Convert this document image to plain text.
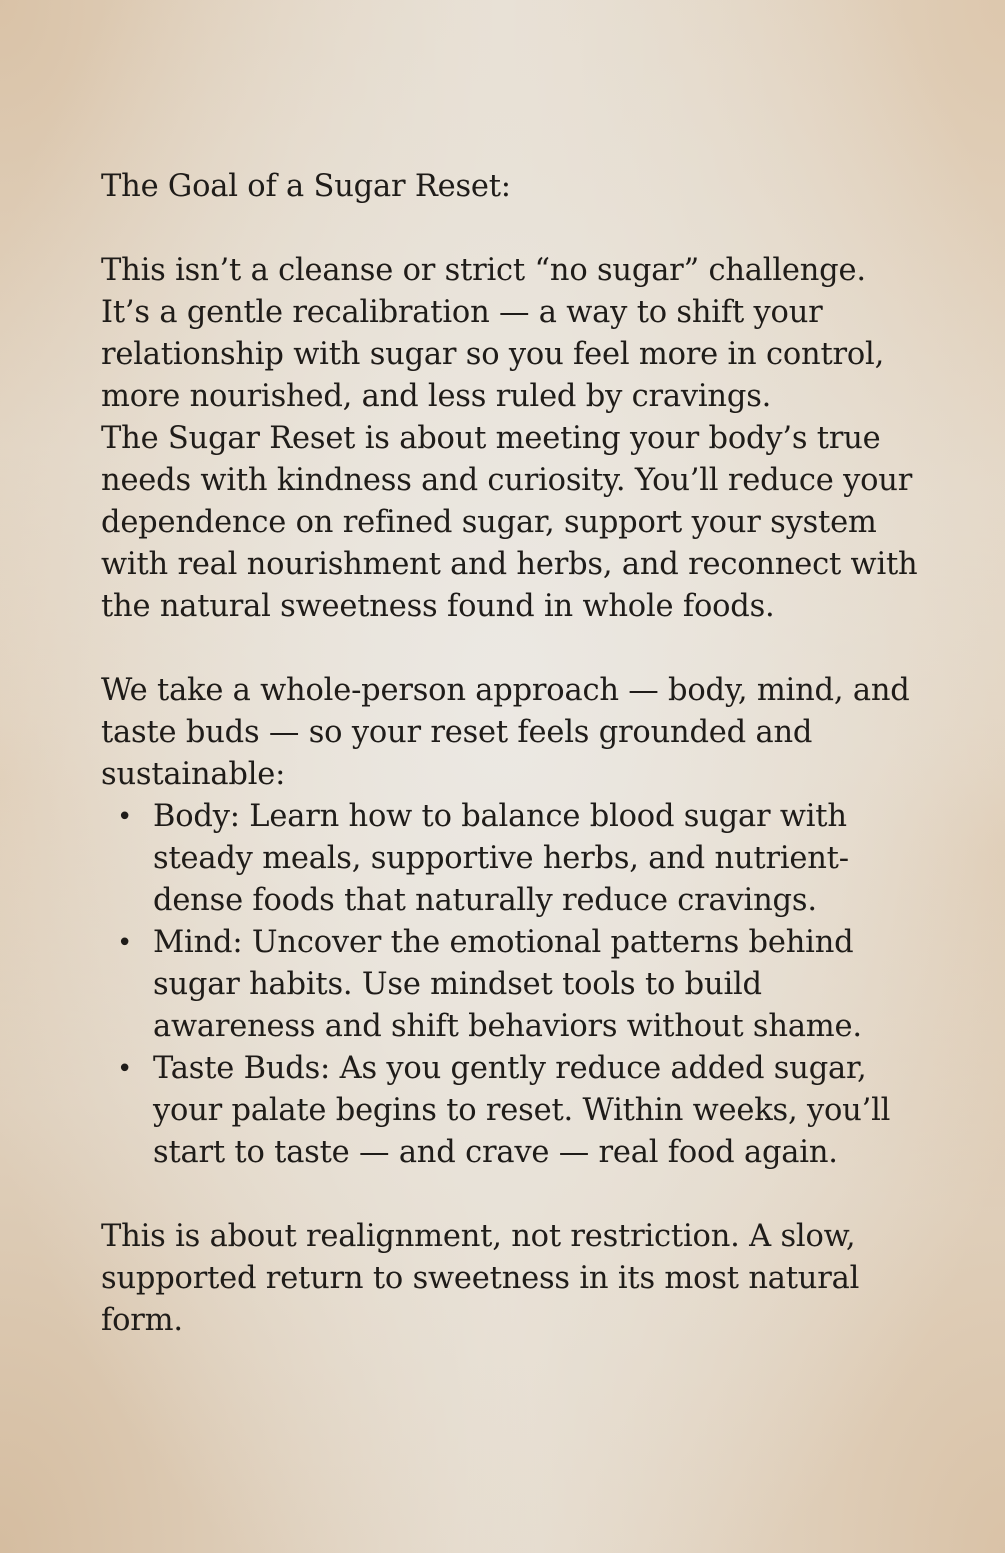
The Goal of a Sugar Reset:

This isn’t a cleanse or strict “no sugar” challenge. It’s a gentle recalibration — a way to shift your relationship with sugar so you feel more in control, more nourished, and less ruled by cravings.

The Sugar Reset is about meeting your body’s true needs with kindness and curiosity. You’ll reduce your dependence on refined sugar, support your system with real nourishment and herbs, and reconnect with the natural sweetness found in whole foods.

We take a whole-person approach — body, mind, and taste buds — so your reset feels grounded and sustainable:

• Body: Learn how to balance blood sugar with steady meals, supportive herbs, and nutrient-dense foods that naturally reduce cravings.
• Mind: Uncover the emotional patterns behind sugar habits. Use mindset tools to build awareness and shift behaviors without shame.
• Taste Buds: As you gently reduce added sugar, your palate begins to reset. Within weeks, you’ll start to taste — and crave — real food again.

This is about realignment, not restriction. A slow, supported return to sweetness in its most natural form.
